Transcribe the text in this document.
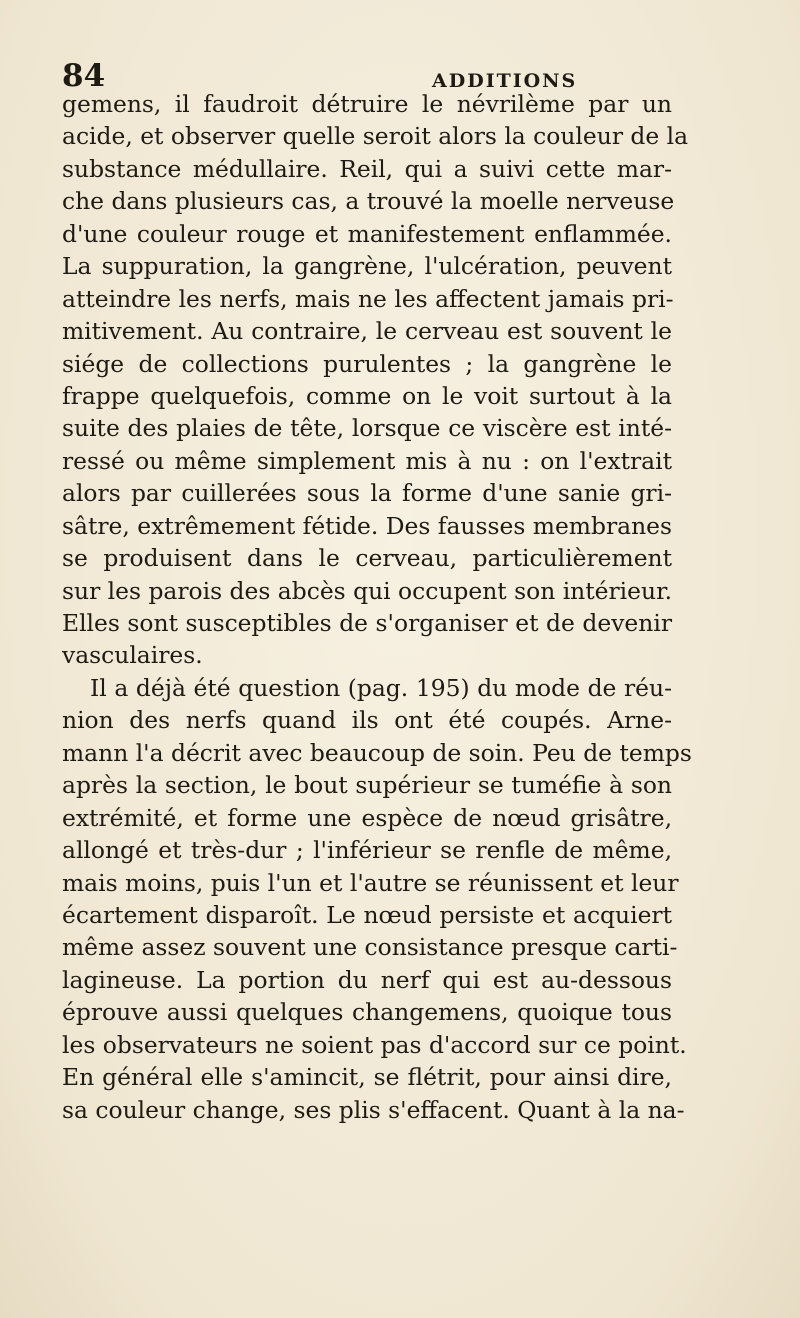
84	ADDITIONS
gemens, il faudroit détruire le névrilème par un
acide, et observer quelle seroit alors la couleur de la
substance médullaire. Reil, qui a suivi cette mar-
che dans plusieurs cas, a trouvé la moelle nerveuse
d'une couleur rouge et manifestement enflammée.
La suppuration, la gangrène, l'ulcération, peuvent
atteindre les nerfs, mais ne les affectent jamais pri-
mitivement. Au contraire, le cerveau est souvent le
siége de collections purulentes ; la gangrène le
frappe quelquefois, comme on le voit surtout à la
suite des plaies de tête, lorsque ce viscère est inté-
ressé ou même simplement mis à nu : on l'extrait
alors par cuillerées sous la forme d'une sanie gri-
sâtre, extrêmement fétide. Des fausses membranes
se produisent dans le cerveau, particulièrement
sur les parois des abcès qui occupent son intérieur.
Elles sont susceptibles de s'organiser et de devenir
vasculaires.
Il a déjà été question (pag. 195) du mode de réu-
nion des nerfs quand ils ont été coupés. Arne-
mann l'a décrit avec beaucoup de soin. Peu de temps
après la section, le bout supérieur se tuméfie à son
extrémité, et forme une espèce de nœud grisâtre,
allongé et très-dur ; l'inférieur se renfle de même,
mais moins, puis l'un et l'autre se réunissent et leur
écartement disparoît. Le nœud persiste et acquiert
même assez souvent une consistance presque carti-
lagineuse. La portion du nerf qui est au-dessous
éprouve aussi quelques changemens, quoique tous
les observateurs ne soient pas d'accord sur ce point.
En général elle s'amincit, se flétrit, pour ainsi dire,
sa couleur change, ses plis s'effacent. Quant à la na-
